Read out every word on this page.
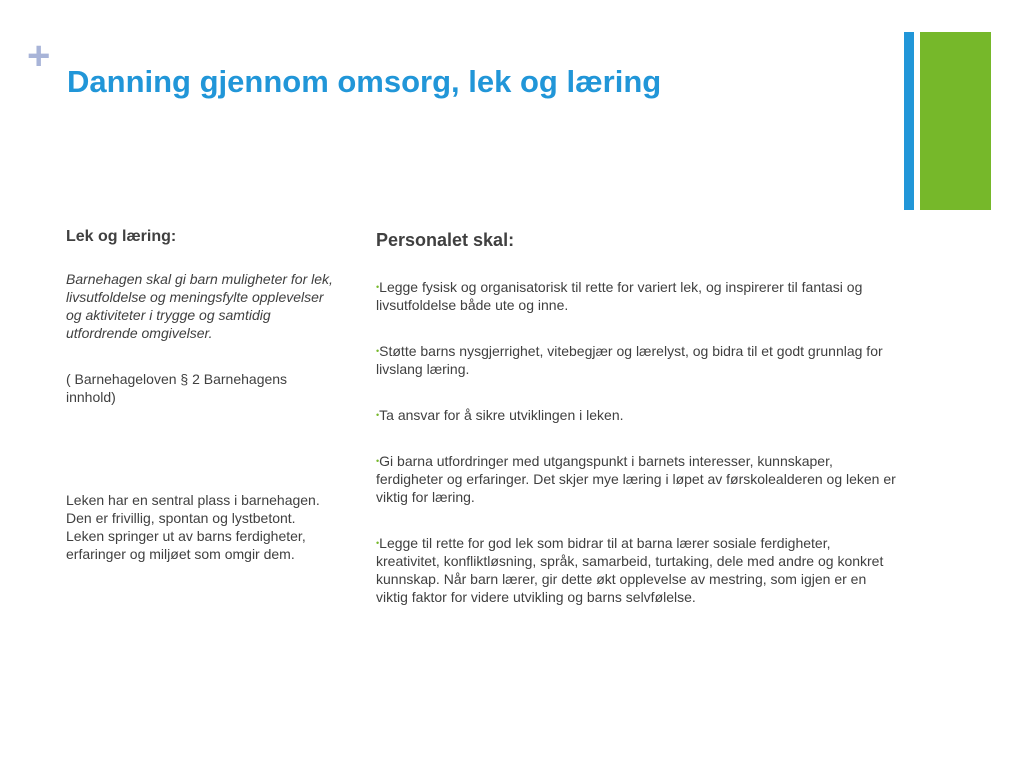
+
Danning gjennom omsorg, lek og læring

Lek og læring:

Barnehagen skal gi barn muligheter for lek, livsutfoldelse og meningsfylte opplevelser og aktiviteter i trygge og samtidig utfordrende omgivelser.

( Barnehageloven § 2 Barnehagens innhold)

Leken har en sentral plass i barnehagen. Den er frivillig, spontan og lystbetont. Leken springer ut av barns ferdigheter, erfaringer og miljøet som omgir dem.

Personalet skal:

•Legge fysisk og organisatorisk til rette for variert lek, og inspirerer til fantasi og livsutfoldelse både ute og inne.
•Støtte barns nysgjerrighet, vitebegjær og lærelyst, og bidra til et godt grunnlag for livslang læring.
•Ta ansvar for å sikre utviklingen i leken.
•Gi barna utfordringer med utgangspunkt i barnets interesser, kunnskaper, ferdigheter og erfaringer. Det skjer mye læring i løpet av førskolealderen og leken er viktig for læring.
•Legge til rette for god lek som bidrar til at barna lærer sosiale ferdigheter, kreativitet, konfliktløsning, språk, samarbeid, turtaking, dele med andre og konkret kunnskap. Når barn lærer, gir dette økt opplevelse av mestring, som igjen er en viktig faktor for videre utvikling og barns selvfølelse.
